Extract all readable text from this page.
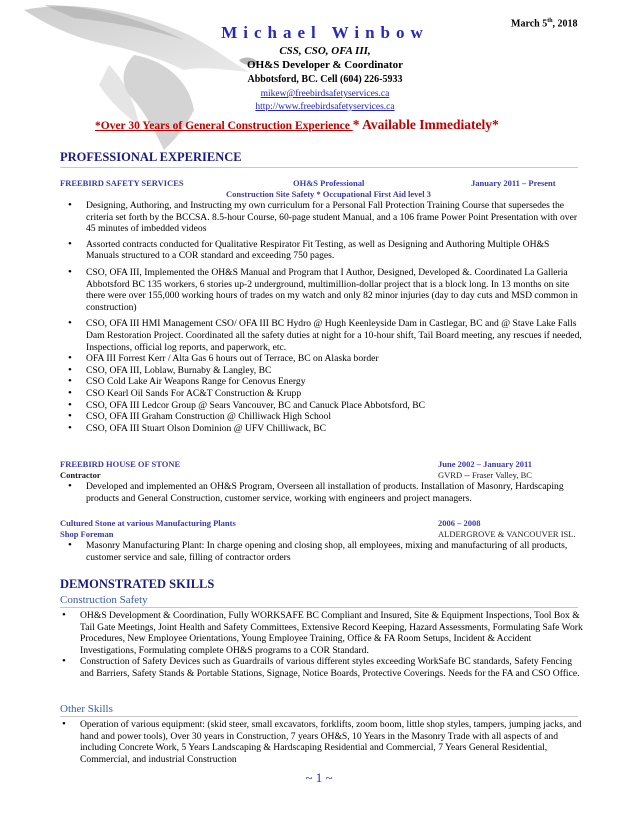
March 5th, 2018
Michael Winbow
CSS, CSO, OFA III,
OH&S Developer & Coordinator
Abbotsford, BC. Cell (604) 226-5933
mikew@freebirdsafetyservices.ca
http://www.freebirdsafetyservices.ca
*Over 30 Years of General Construction Experience * Available Immediately*
PROFESSIONAL EXPERIENCE
FREEBIRD SAFETY SERVICES	OH&S Professional	January 2011 – Present
Construction Site Safety * Occupational First Aid level 3
• Designing, Authoring, and Instructing my own curriculum for a Personal Fall Protection Training Course that supersedes the criteria set forth by the BCCSA. 8.5-hour Course, 60-page student Manual, and a 106 frame Power Point Presentation with over 45 minutes of imbedded videos
• Assorted contracts conducted for Qualitative Respirator Fit Testing, as well as Designing and Authoring Multiple OH&S Manuals structured to a COR standard and exceeding 750 pages.
• CSO, OFA III, Implemented the OH&S Manual and Program that I Author, Designed, Developed &. Coordinated La Galleria Abbotsford BC 135 workers, 6 stories up-2 underground, multimillion-dollar project that is a block long. In 13 months on site there were over 155,000 working hours of trades on my watch and only 82 minor injuries (day to day cuts and MSD common in construction)
• CSO, OFA III HMI Management CSO/ OFA III BC Hydro @ Hugh Keenleyside Dam in Castlegar, BC and @ Stave Lake Falls Dam Restoration Project. Coordinated all the safety duties at night for a 10-hour shift, Tail Board meeting, any rescues if needed, Inspections, official log reports, and paperwork, etc.
• OFA III Forrest Kerr / Alta Gas 6 hours out of Terrace, BC on Alaska border
• CSO, OFA III, Loblaw, Burnaby & Langley, BC
• CSO Cold Lake Air Weapons Range for Cenovus Energy
• CSO Kearl Oil Sands For AC&T Construction & Krupp
• CSO, OFA III Ledcor Group @ Sears Vancouver, BC and Canuck Place Abbotsford, BC
• CSO, OFA III Graham Construction @ Chilliwack High School
• CSO, OFA III Stuart Olson Dominion @ UFV Chilliwack, BC
FREEBIRD HOUSE OF STONE	June 2002 – January 2011
Contractor	GVRD -- Fraser Valley, BC
• Developed and implemented an OH&S Program, Overseen all installation of products. Installation of Masonry, Hardscaping products and General Construction, customer service, working with engineers and project managers.
Cultured Stone at various Manufacturing Plants	2006 – 2008
Shop Foreman	ALDERGROVE & VANCOUVER ISL.
• Masonry Manufacturing Plant: In charge opening and closing shop, all employees, mixing and manufacturing of all products, customer service and sale, filling of contractor orders
DEMONSTRATED SKILLS
Construction Safety
• OH&S Development & Coordination, Fully WORKSAFE BC Compliant and Insured, Site & Equipment Inspections, Tool Box & Tail Gate Meetings, Joint Health and Safety Committees, Extensive Record Keeping, Hazard Assessments, Formulating Safe Work Procedures, New Employee Orientations, Young Employee Training, Office & FA Room Setups, Incident & Accident Investigations, Formulating complete OH&S programs to a COR Standard.
• Construction of Safety Devices such as Guardrails of various different styles exceeding WorkSafe BC standards, Safety Fencing and Barriers, Safety Stands & Portable Stations, Signage, Notice Boards, Protective Coverings. Needs for the FA and CSO Office.
Other Skills
• Operation of various equipment: (skid steer, small excavators, forklifts, zoom boom, little shop styles, tampers, jumping jacks, and hand and power tools), Over 30 years in Construction, 7 years OH&S, 10 Years in the Masonry Trade with all aspects of and including Concrete Work, 5 Years Landscaping & Hardscaping Residential and Commercial, 7 Years General Residential, Commercial, and industrial Construction
~ 1 ~
